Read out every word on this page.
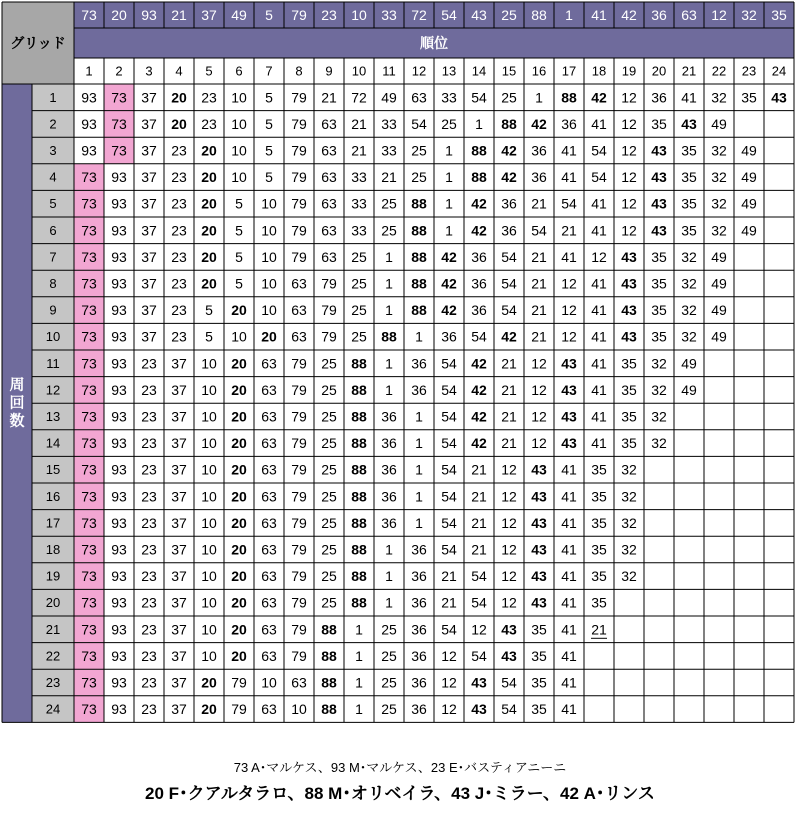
グリッド
73 20 93 21 37 49 5 79 23 10 33 72 54 43 25 88 1 41 42 36 63 12 32 35
順位
1 2 3 4 5 6 7 8 9 10 11 12 13 14 15 16 17 18 19 20 21 22 23 24
周
回
数
1 93 73 37 20 23 10 5 79 21 72 49 63 33 54 25 1 88 42 12 36 41 32 35 43
2 93 73 37 20 23 10 5 79 63 21 33 54 25 1 88 42 36 41 12 35 43 49
3 93 73 37 23 20 10 5 79 63 21 33 25 1 88 42 36 41 54 12 43 35 32 49
4 73 93 37 23 20 10 5 79 63 33 21 25 1 88 42 36 41 54 12 43 35 32 49
5 73 93 37 23 20 5 10 79 63 33 25 88 1 42 36 21 54 41 12 43 35 32 49
6 73 93 37 23 20 5 10 79 63 33 25 88 1 42 36 54 21 41 12 43 35 32 49
7 73 93 37 23 20 5 10 79 63 25 1 88 42 36 54 21 41 12 43 35 32 49
8 73 93 37 23 20 5 10 63 79 25 1 88 42 36 54 21 12 41 43 35 32 49
9 73 93 37 23 5 20 10 63 79 25 1 88 42 36 54 21 12 41 43 35 32 49
10 73 93 37 23 5 10 20 63 79 25 88 1 36 54 42 21 12 41 43 35 32 49
11 73 93 23 37 10 20 63 79 25 88 1 36 54 42 21 12 43 41 35 32 49
12 73 93 23 37 10 20 63 79 25 88 1 36 54 42 21 12 43 41 35 32 49
13 73 93 23 37 10 20 63 79 25 88 36 1 54 42 21 12 43 41 35 32
14 73 93 23 37 10 20 63 79 25 88 36 1 54 42 21 12 43 41 35 32
15 73 93 23 37 10 20 63 79 25 88 36 1 54 21 12 43 41 35 32
16 73 93 23 37 10 20 63 79 25 88 36 1 54 21 12 43 41 35 32
17 73 93 23 37 10 20 63 79 25 88 36 1 54 21 12 43 41 35 32
18 73 93 23 37 10 20 63 79 25 88 1 36 54 21 12 43 41 35 32
19 73 93 23 37 10 20 63 79 25 88 1 36 21 54 12 43 41 35 32
20 73 93 23 37 10 20 63 79 25 88 1 36 21 54 12 43 41 35
21 73 93 23 37 10 20 63 79 88 1 25 36 54 12 43 35 41 21
22 73 93 23 37 10 20 63 79 88 1 25 36 12 54 43 35 41
23 73 93 23 37 20 79 10 63 88 1 25 36 12 43 54 35 41
24 73 93 23 37 20 79 63 10 88 1 25 36 12 43 54 35 41
73 A･マルケス、93 M･マルケス、23 E･バスティアニーニ
20 F･クアルタラロ、88 M･オリベイラ、43 J･ミラー、42 A･リンス
